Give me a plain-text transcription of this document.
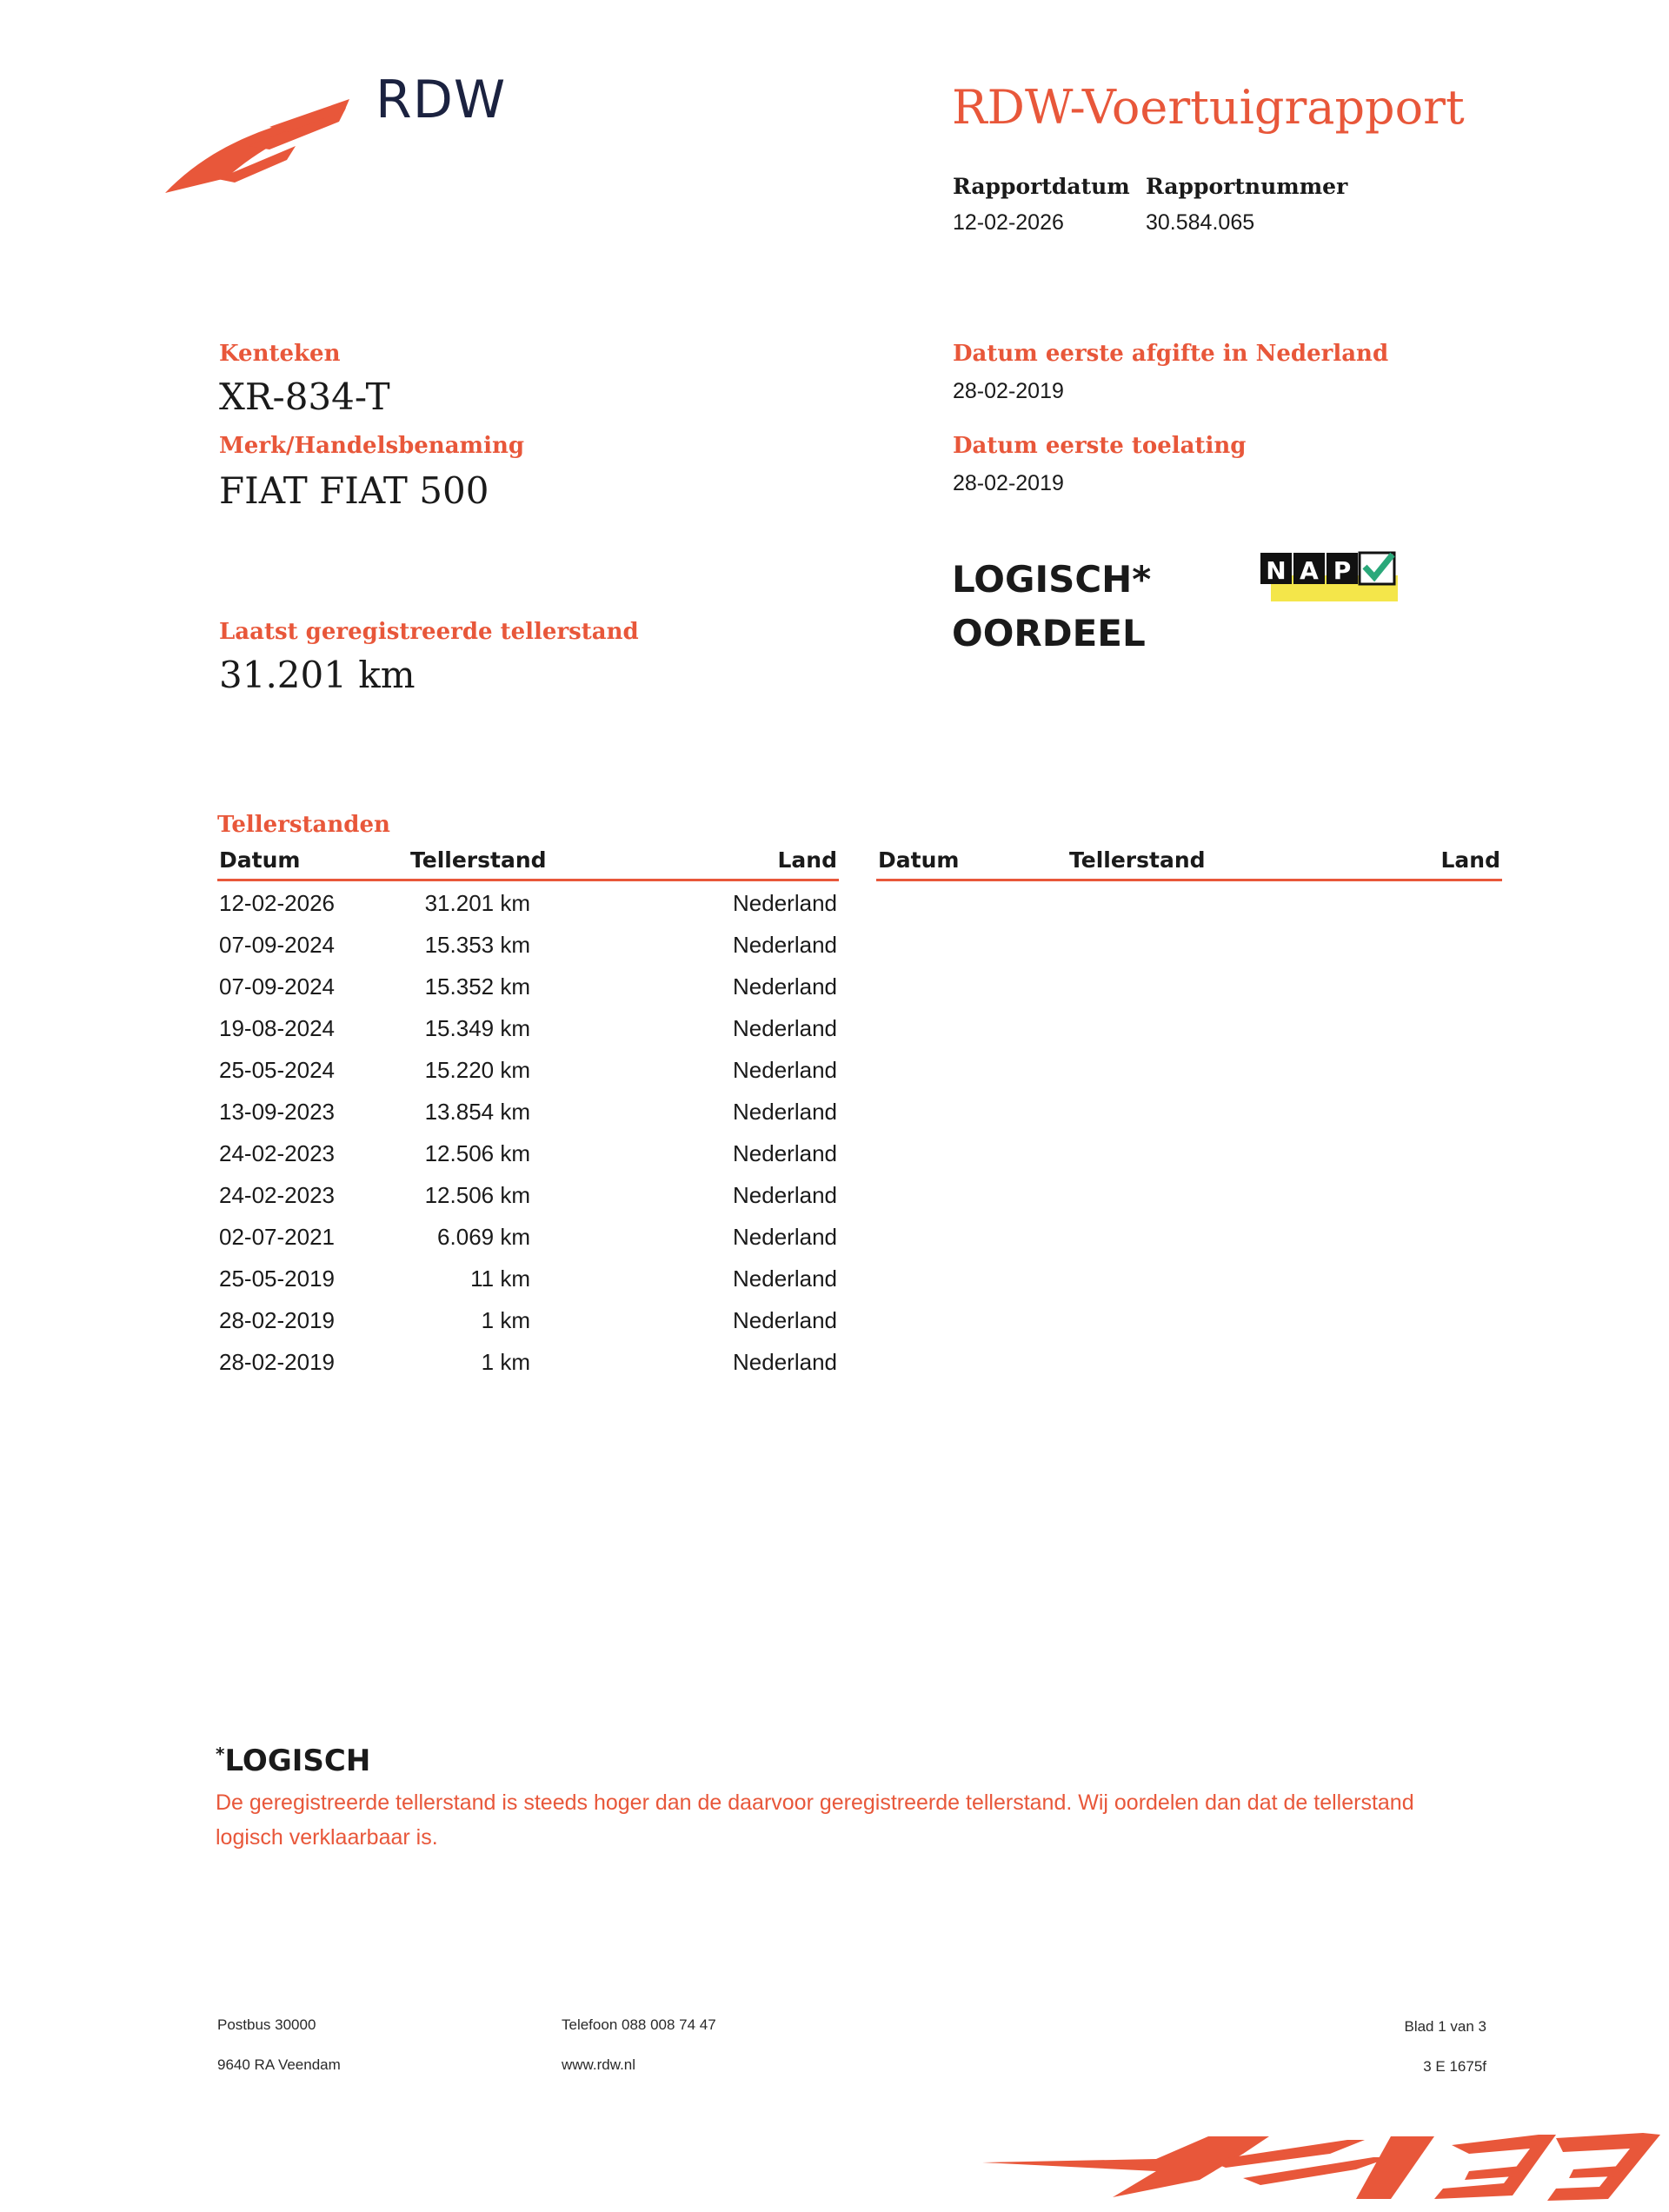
RDW	RDW-Voertuigrapport
Rapportdatum
12-02-2026
Rapportnummer
30.584.065
Kenteken
XR-834-T
Merk/Handelsbenaming
FIAT FIAT 500
Laatst geregistreerde tellerstand
31.201 km
Datum eerste afgifte in Nederland
28-02-2019
Datum eerste toelating
28-02-2019
LOGISCH*
OORDEEL
N A P
Tellerstanden
Datum	Tellerstand	Land
12-02-2026	31.201 km	Nederland
07-09-2024	15.353 km	Nederland
07-09-2024	15.352 km	Nederland
19-08-2024	15.349 km	Nederland
25-05-2024	15.220 km	Nederland
13-09-2023	13.854 km	Nederland
24-02-2023	12.506 km	Nederland
24-02-2023	12.506 km	Nederland
02-07-2021	6.069 km	Nederland
25-05-2019	11 km	Nederland
28-02-2019	1 km	Nederland
28-02-2019	1 km	Nederland
Datum	Tellerstand	Land
*LOGISCH
De geregistreerde tellerstand is steeds hoger dan de daarvoor geregistreerde tellerstand. Wij oordelen dan dat de tellerstand logisch verklaarbaar is.
Postbus 30000
9640 RA Veendam
Telefoon 088 008 74 47
www.rdw.nl
Blad 1 van 3
3 E 1675f
